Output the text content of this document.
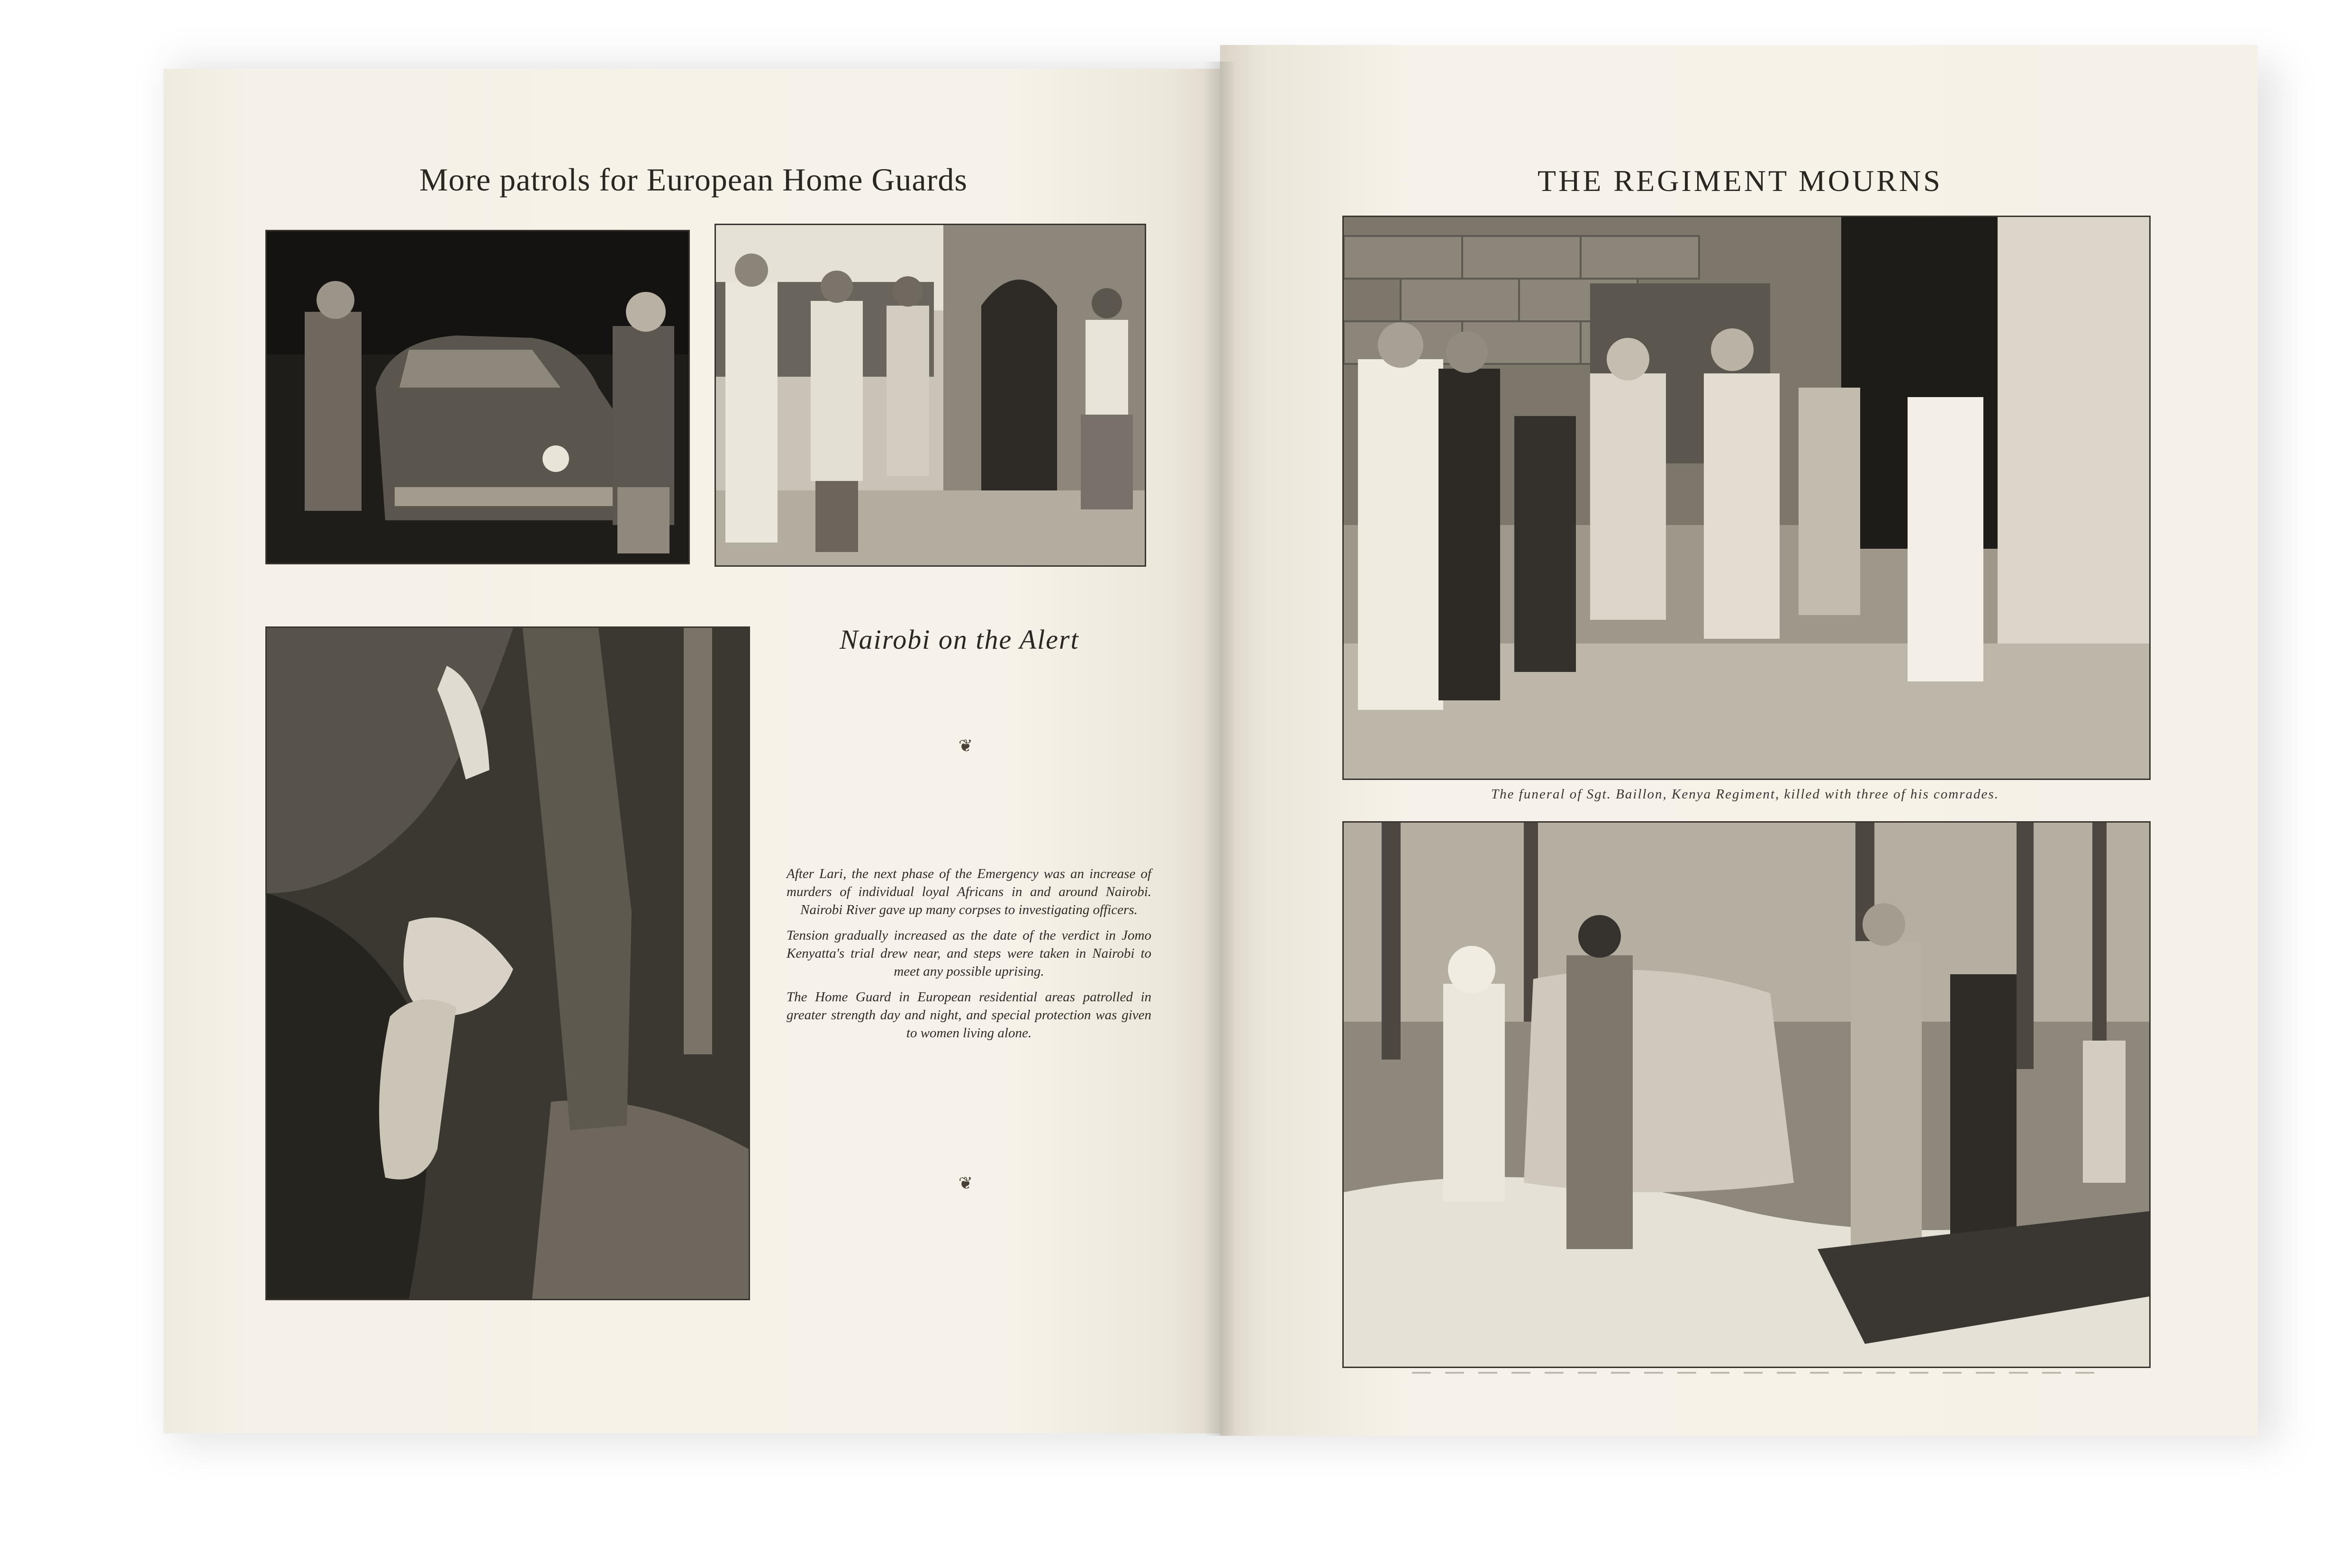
More patrols for European Home Guards
Nairobi on the Alert
❦

After Lari, the next phase of the Emergency was an increase of murders of individual loyal Africans in and around Nairobi. Nairobi River gave up many corpses to investigating officers.

Tension gradually increased as the date of the verdict in Jomo Kenyatta's trial drew near, and steps were taken in Nairobi to meet any possible uprising.

The Home Guard in European residential areas patrolled in greater strength day and night, and special protection was given to women living alone.

❦
THE REGIMENT MOURNS
The funeral of Sgt. Baillon, Kenya Regiment, killed with three of his comrades.
